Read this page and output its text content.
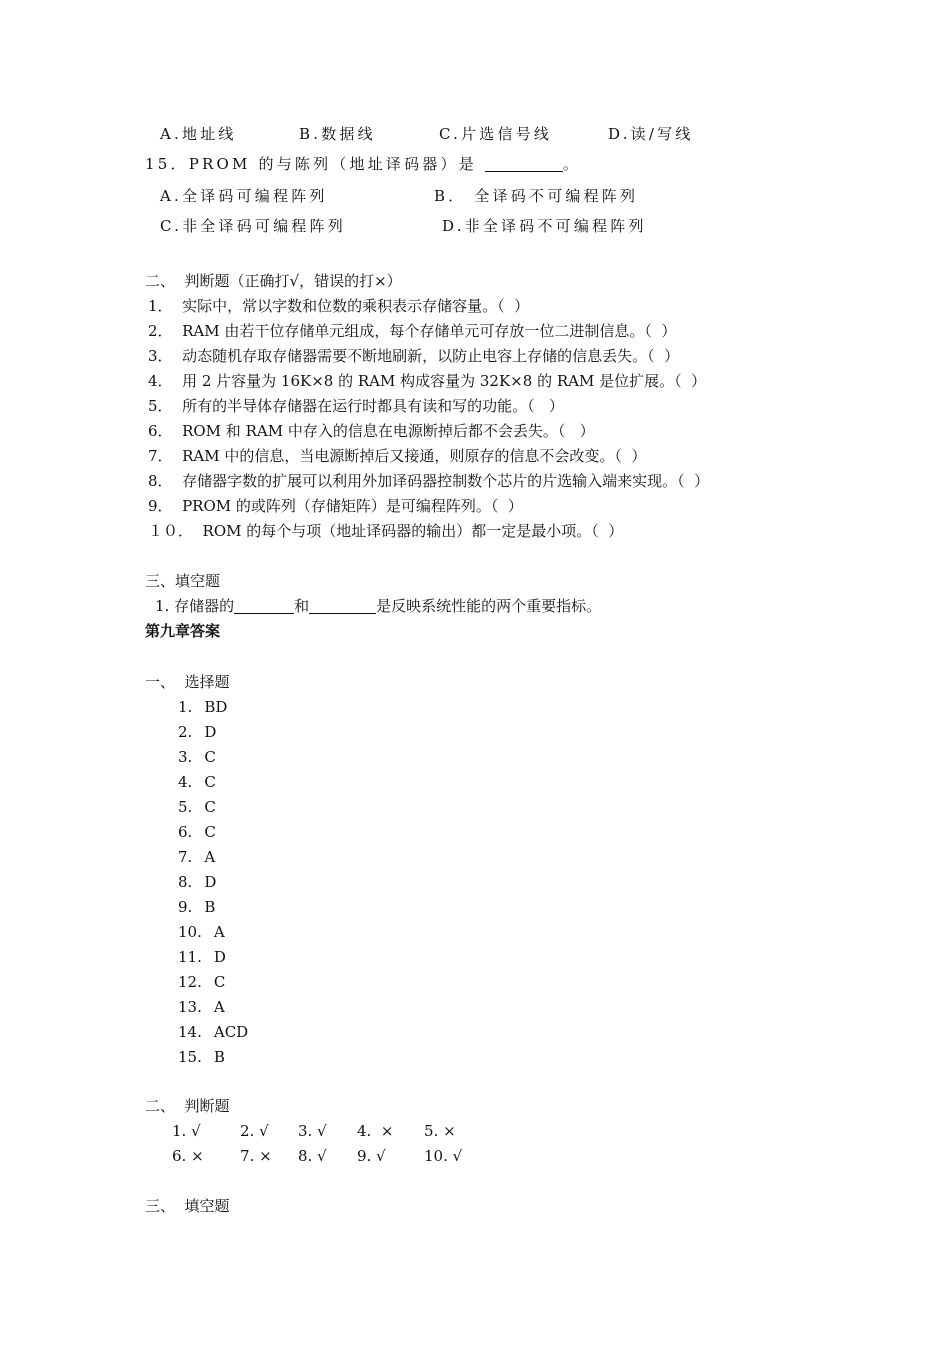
A.地址线	B.数据线	C.片选信号线	D.读/写线
15．PROM 的与陈列（地址译码器）是	。
A.全译码可编程阵列	B． 全译码不可编程阵列
C.非全译码可编程阵列	D.非全译码不可编程阵列
二、  判断题（正确打√，错误的打×）
1．  实际中，常以字数和位数的乘积表示存储容量。（  ）
2．  RAM 由若干位存储单元组成，每个存储单元可存放一位二进制信息。（  ）
3．  动态随机存取存储器需要不断地刷新，以防止电容上存储的信息丢失。（  ）
4．  用 2 片容量为 16K×8 的 RAM 构成容量为 32K×8 的 RAM 是位扩展。（  ）
5．  所有的半导体存储器在运行时都具有读和写的功能。（   ）
6．  ROM 和 RAM 中存入的信息在电源断掉后都不会丢失。（   ）
7．  RAM 中的信息，当电源断掉后又接通，则原存的信息不会改变。（  ）
8．  存储器字数的扩展可以利用外加译码器控制数个芯片的片选输入端来实现。（  ）
9．  PROM 的或阵列（存储矩阵）是可编程阵列。（  ）
１０．  ROM 的每个与项（地址译码器的输出）都一定是最小项。（  ）
三、填空题
1. 存储器的	和	是反映系统性能的两个重要指标。
第九章答案
一、  选择题
1. BD
2. D
3. C
4. C
5. C
6. C
7. A
8. D
9. B
10. A
11. D
12. C
13. A
14. ACD
15. B
二、  判断题
1. √	2. √ 3. √ 4.  × 5. ×
6. × 7. × 8. √ 9. √	10. √
三、  填空题
